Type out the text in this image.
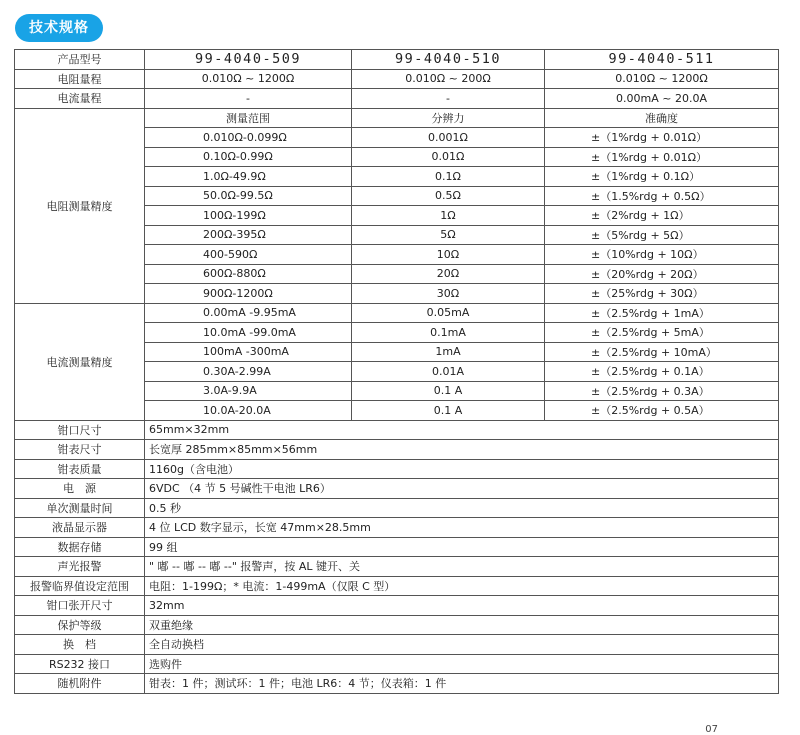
技术规格
产品型号	99-4040-509	99-4040-510	99-4040-511
电阻量程	0.010Ω ~ 1200Ω	0.010Ω ~ 200Ω	0.010Ω ~ 1200Ω
电流量程	-	-	0.00mA ~ 20.0A
电阻测量精度	测量范围	分辨力	准确度
	0.010Ω-0.099Ω	0.001Ω	±（1%rdg + 0.01Ω）
	0.10Ω-0.99Ω	0.01Ω	±（1%rdg + 0.01Ω）
	1.0Ω-49.9Ω	0.1Ω	±（1%rdg + 0.1Ω）
	50.0Ω-99.5Ω	0.5Ω	±（1.5%rdg + 0.5Ω）
	100Ω-199Ω	1Ω	±（2%rdg + 1Ω）
	200Ω-395Ω	5Ω	±（5%rdg + 5Ω）
	400-590Ω	10Ω	±（10%rdg + 10Ω）
	600Ω-880Ω	20Ω	±（20%rdg + 20Ω）
	900Ω-1200Ω	30Ω	±（25%rdg + 30Ω）
电流测量精度	0.00mA -9.95mA	0.05mA	±（2.5%rdg + 1mA）
	10.0mA -99.0mA	0.1mA	±（2.5%rdg + 5mA）
	100mA -300mA	1mA	±（2.5%rdg + 10mA）
	0.30A-2.99A	0.01A	±（2.5%rdg + 0.1A）
	3.0A-9.9A	0.1 A	±（2.5%rdg + 0.3A）
	10.0A-20.0A	0.1 A	±（2.5%rdg + 0.5A）
钳口尺寸	65mm×32mm		
钳表尺寸	长宽厚 285mm×85mm×56mm		
钳表质量	1160g（含电池）		
电　源	6VDC （4 节 5 号碱性干电池 LR6）		
单次测量时间	0.5 秒		
液晶显示器	4 位 LCD 数字显示，长宽 47mm×28.5mm		
数据存储	99 组		
声光报警	" 嘟 -- 嘟 -- 嘟 --" 报警声，按 AL 键开、关		
报警临界值设定范围	电阻：1-199Ω；* 电流：1-499mA（仅限 C 型）		
钳口张开尺寸	32mm		
保护等级	双重绝缘		
换　档	全自动换档		
RS232 接口	选购件		
随机附件	钳表：1 件；测试环：1 件；电池 LR6：4 节；仪表箱：1 件		
07
